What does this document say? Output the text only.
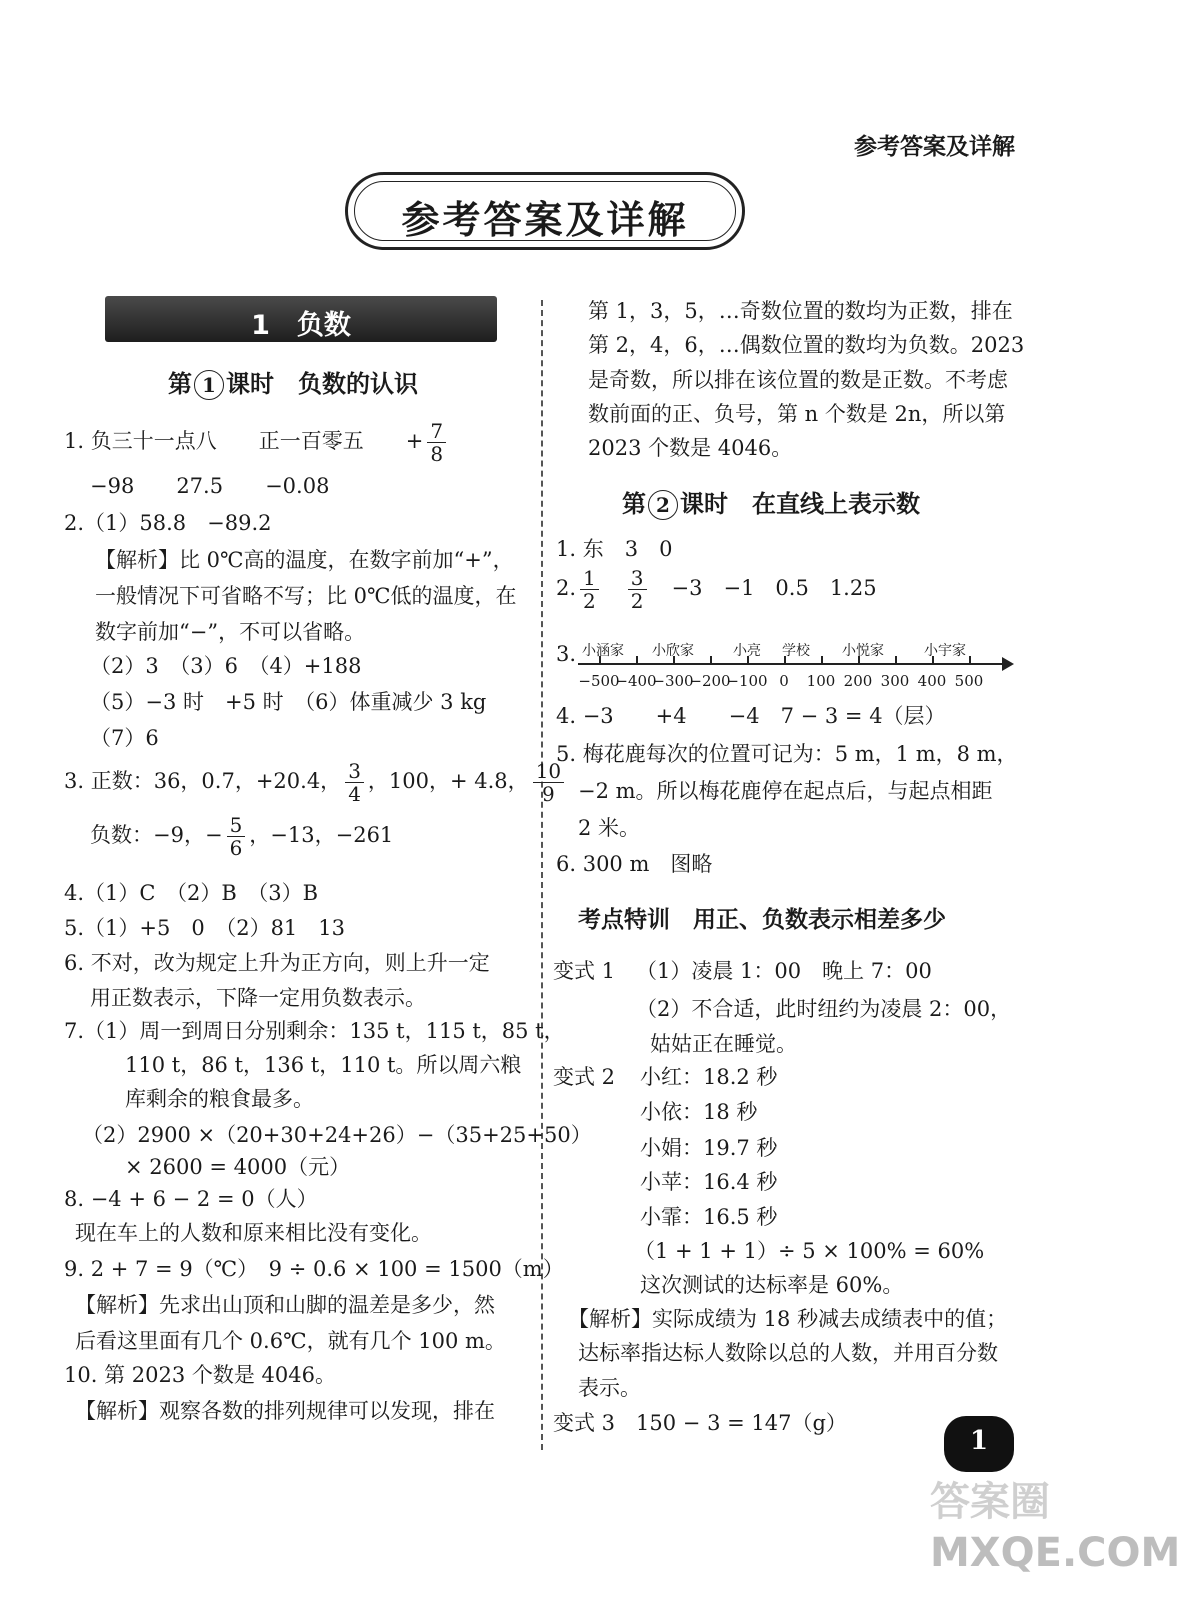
参考答案及详解
参考答案及详解
1　负数
第 1 课时　负数的认识
1. 负三十一点八　　正一百零五　　+ $\frac{7}{8}$
−98　　27.5　　−0.08
2.（1）58.8　−89.2
【解析】比 0℃高的温度，在数字前加“+”，
一般情况下可省略不写；比 0℃低的温度，在
数字前加“−”，不可以省略。
（2）3　（3）6　（4）+188
（5）−3 时　+5 时　（6）体重减少 3 kg
（7）6
3. 正数：36，0.7，+20.4， $\frac{3}{4}$ ，100，+ 4.8， $\frac{10}{9}$
负数：−9，− $\frac{5}{6}$ ，−13，−261
4.（1）C　（2）B　（3）B
5.（1）+5　0　（2）81　13
6. 不对，改为规定上升为正方向，则上升一定
用正数表示，下降一定用负数表示。
7.（1）周一到周日分别剩余：135 t，115 t，85 t，
110 t，86 t，136 t，110 t。所以周六粮
库剩余的粮食最多。
（2）2900 ×（20+30+24+26）−（35+25+50）
× 2600 = 4000（元）
8. −4 + 6 − 2 = 0（人）
现在车上的人数和原来相比没有变化。
9. 2 + 7 = 9（℃）　9 ÷ 0.6 × 100 = 1500（m）
【解析】先求出山顶和山脚的温差是多少，然
后看这里面有几个 0.6℃，就有几个 100 m。
10. 第 2023 个数是 4046。
【解析】观察各数的排列规律可以发现，排在
第 1，3，5，…奇数位置的数均为正数，排在
第 2，4，6，…偶数位置的数均为负数。2023
是奇数，所以排在该位置的数是正数。不考虑
数前面的正、负号，第 n 个数是 2n，所以第
2023 个数是 4046。
第 2 课时　在直线上表示数
1. 东　3　0
2. $\frac{1}{2}$
　 $\frac{3}{2}$
　 −3　−1　0.5　1.25
3. 小涵家 小欣家	小亮 学校 小悦家	小宇家
−500
−400
−300
−200
−100 0 100 200 300 400 500
4. −3　　+4　　−4　7 − 3 = 4（层）
5. 梅花鹿每次的位置可记为：5 m，1 m，8 m，
−2 m。所以梅花鹿停在起点后，与起点相距
2 米。
6. 300 m　图略
考点特训　用正、负数表示相差多少
变式 1 （1）凌晨 1：00　晚上 7：00
（2）不合适，此时纽约为凌晨 2：00，
姑姑正在睡觉。
变式 2 小红：18.2 秒
小依：18 秒
小娟：19.7 秒
小苹：16.4 秒
小霏：16.5 秒
（1 + 1 + 1）÷ 5 × 100% = 60%
这次测试的达标率是 60%。
【解析】实际成绩为 18 秒减去成绩表中的值；
达标率指达标人数除以总的人数，并用百分数
表示。
变式 3　150 − 3 = 147（g）
1
答案圈
MXQE.COM
